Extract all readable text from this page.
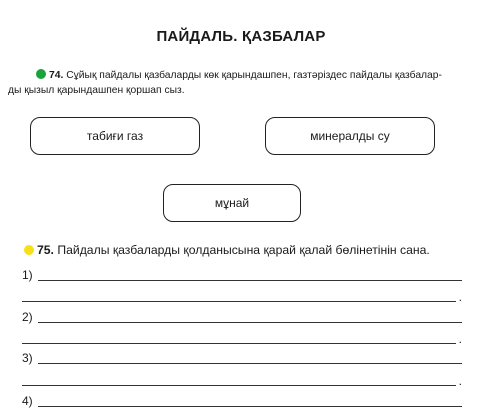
ПАЙДАЛЬ. ҚАЗБАЛАР
74. Сұйық пайдалы қазбаларды көк қарындашпен, газтәріздес пайдалы қазбалар-
ды қызыл қарындашпен қоршап сыз.
табиғи газ	минералды су
мұнай
75. Пайдалы қазбаларды қолданысына қарай қалай бөлінетінін сана.
1)
.
2)
.
3)
.
4)
